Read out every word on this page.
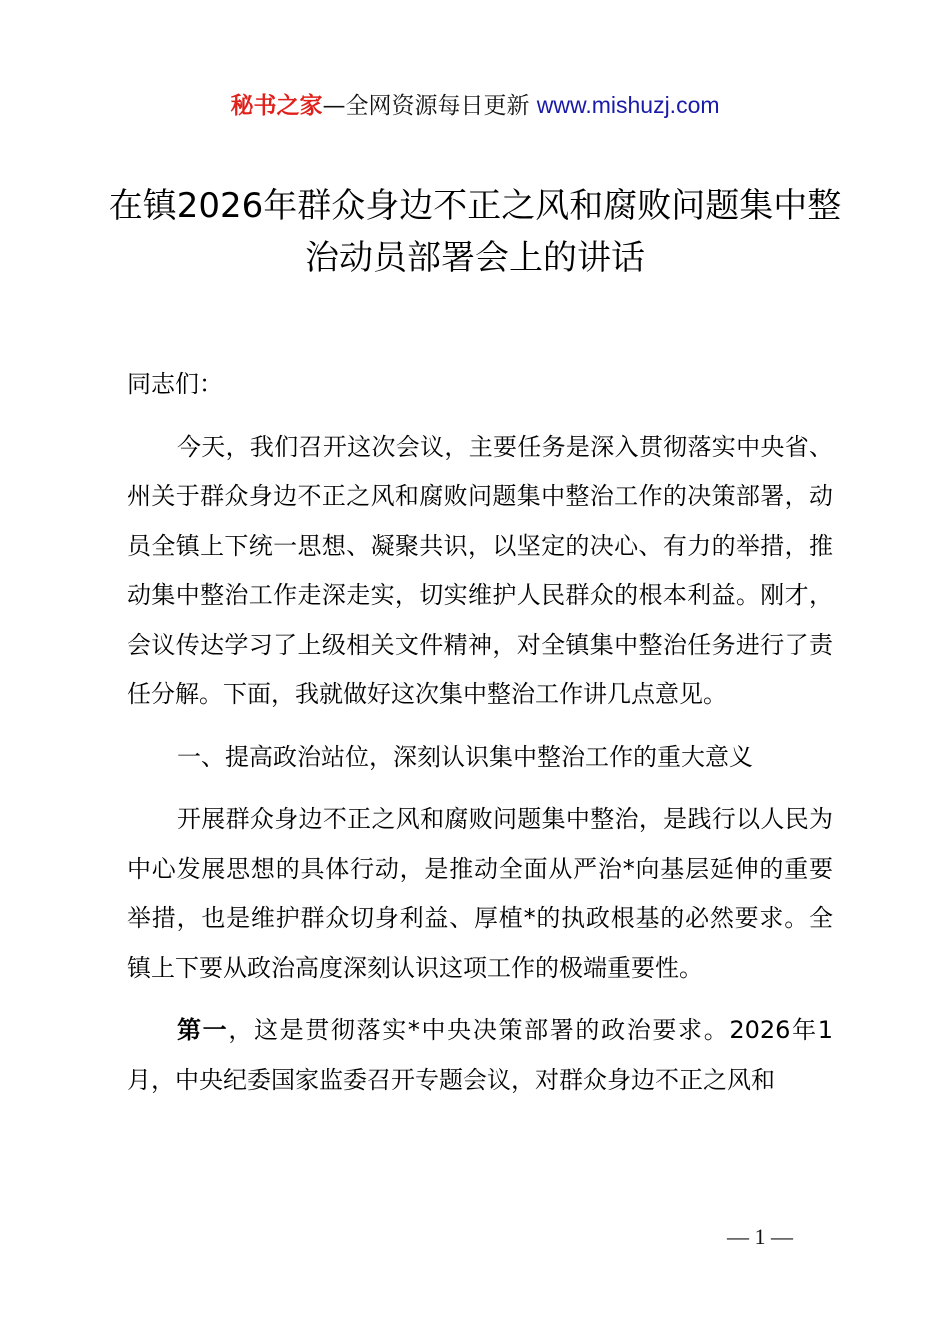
秘书之家—全网资源每日更新 www.mishuzj.com
在镇2026年群众身边不正之风和腐败问题集中整治动员部署会上的讲话

同志们：

今天，我们召开这次会议，主要任务是深入贯彻落实中央省、州关于群众身边不正之风和腐败问题集中整治工作的决策部署，动员全镇上下统一思想、凝聚共识，以坚定的决心、有力的举措，推动集中整治工作走深走实，切实维护人民群众的根本利益。刚才，会议传达学习了上级相关文件精神，对全镇集中整治任务进行了责任分解。下面，我就做好这次集中整治工作讲几点意见。

一、提高政治站位，深刻认识集中整治工作的重大意义

开展群众身边不正之风和腐败问题集中整治，是践行以人民为中心发展思想的具体行动，是推动全面从严治*向基层延伸的重要举措，也是维护群众切身利益、厚植*的执政根基的必然要求。全镇上下要从政治高度深刻认识这项工作的极端重要性。

第一，这是贯彻落实*中央决策部署的政治要求。2026年1月，中央纪委国家监委召开专题会议，对群众身边不正之风和

— 1 —
